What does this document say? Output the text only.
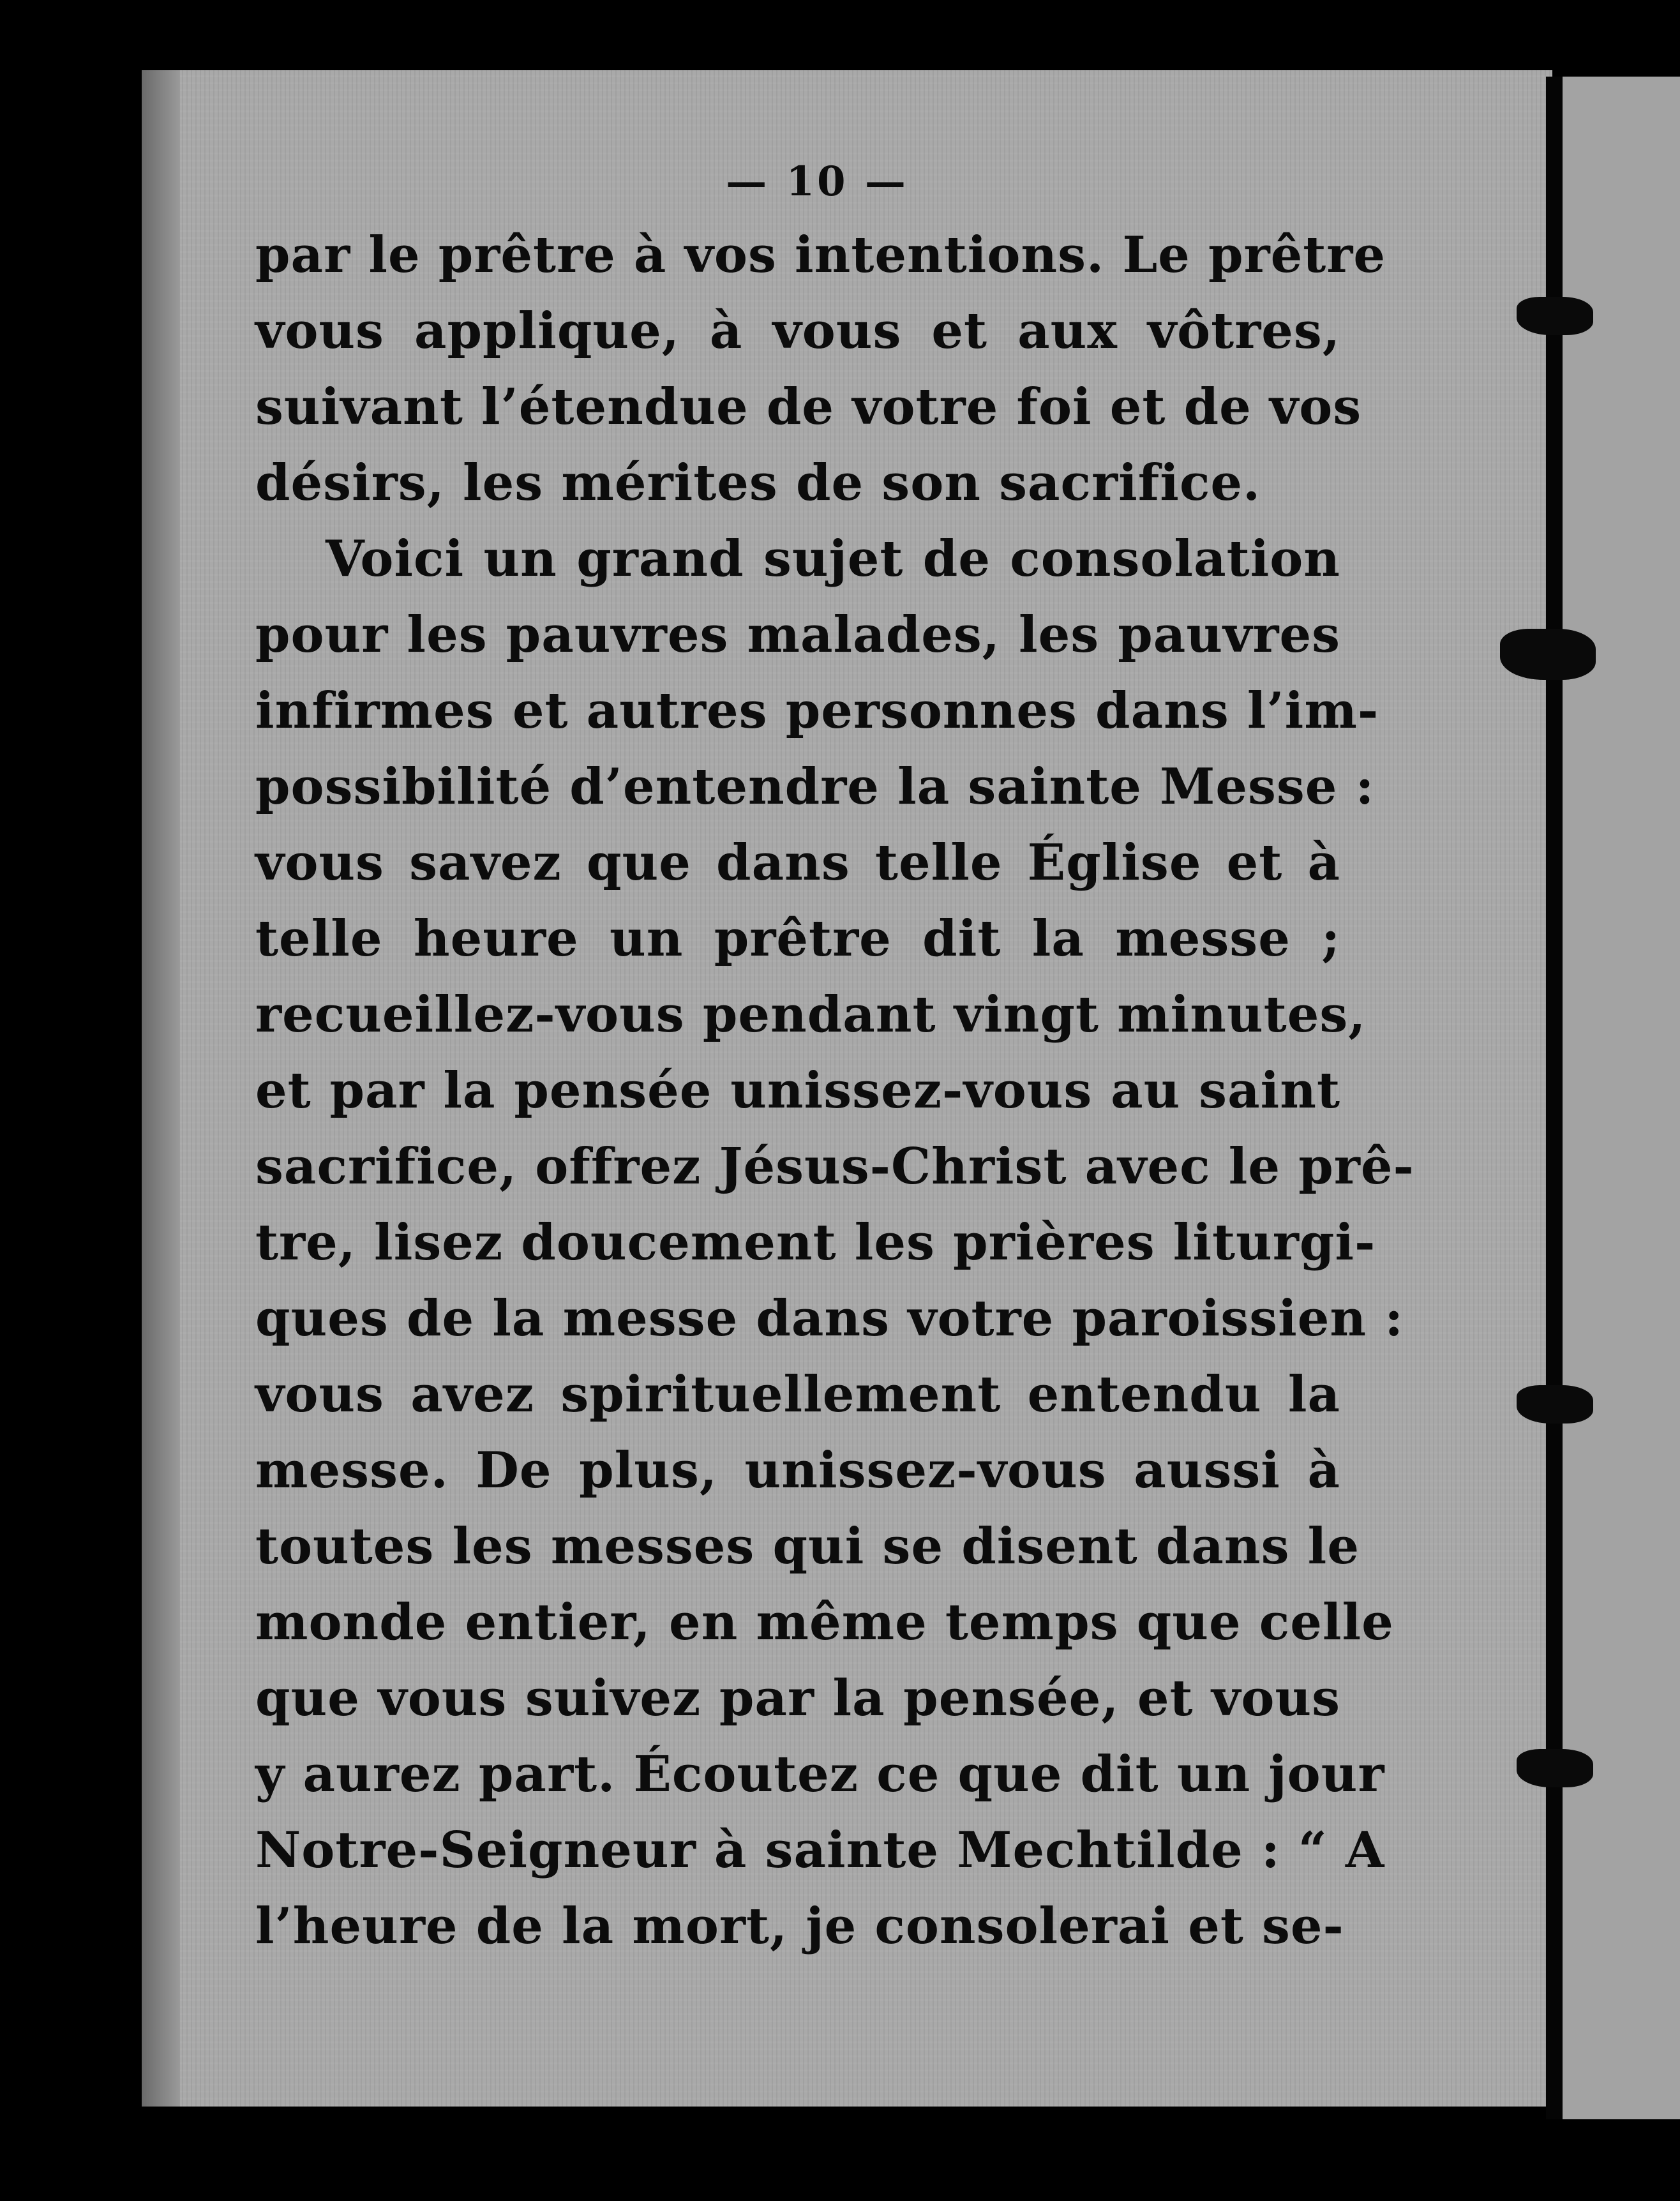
— 10 —
par le prêtre à vos intentions. Le prêtre
vous applique, à vous et aux vôtres,
suivant l’étendue de votre foi et de vos
désirs, les mérites de son sacrifice.
Voici un grand sujet de consolation
pour les pauvres malades, les pauvres
infirmes et autres personnes dans l’im-
possibilité d’entendre la sainte Messe :
vous savez que dans telle Église et à
telle heure un prêtre dit la messe ;
recueillez-vous pendant vingt minutes,
et par la pensée unissez-vous au saint
sacrifice, offrez Jésus-Christ avec le prê-
tre, lisez doucement les prières liturgi-
ques de la messe dans votre paroissien :
vous avez spirituellement entendu la
messe. De plus, unissez-vous aussi à
toutes les messes qui se disent dans le
monde entier, en même temps que celle
que vous suivez par la pensée, et vous
y aurez part. Écoutez ce que dit un jour
Notre-Seigneur à sainte Mechtilde : “ A
l’heure de la mort, je consolerai et se-
